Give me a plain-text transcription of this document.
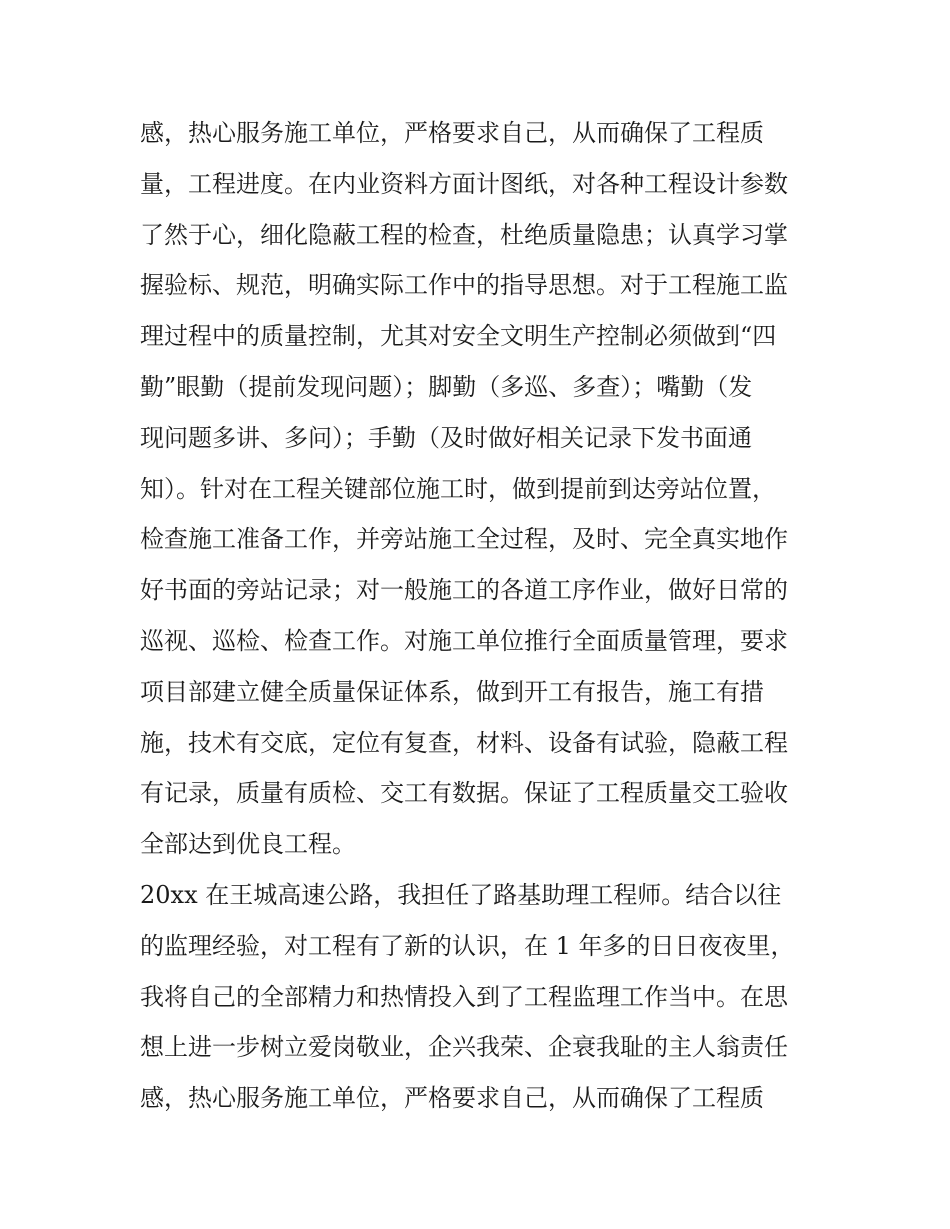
感，热心服务施工单位，严格要求自己，从而确保了工程质
量，工程进度。在内业资料方面计图纸，对各种工程设计参数
了然于心，细化隐蔽工程的检查，杜绝质量隐患；认真学习掌
握验标、规范，明确实际工作中的指导思想。对于工程施工监
理过程中的质量控制，尤其对安全文明生产控制必须做到“四
勤”眼勤（提前发现问题）；脚勤（多巡、多查）；嘴勤（发
现问题多讲、多问）；手勤（及时做好相关记录下发书面通
知）。针对在工程关键部位施工时，做到提前到达旁站位置，
检查施工准备工作，并旁站施工全过程，及时、完全真实地作
好书面的旁站记录；对一般施工的各道工序作业，做好日常的
巡视、巡检、检查工作。对施工单位推行全面质量管理，要求
项目部建立健全质量保证体系，做到开工有报告，施工有措
施，技术有交底，定位有复查，材料、设备有试验，隐蔽工程
有记录，质量有质检、交工有数据。保证了工程质量交工验收
全部达到优良工程。
20xx 在王城高速公路，我担任了路基助理工程师。结合以往
的监理经验，对工程有了新的认识，在 1 年多的日日夜夜里，
我将自己的全部精力和热情投入到了工程监理工作当中。在思
想上进一步树立爱岗敬业，企兴我荣、企衰我耻的主人翁责任
感，热心服务施工单位，严格要求自己，从而确保了工程质
